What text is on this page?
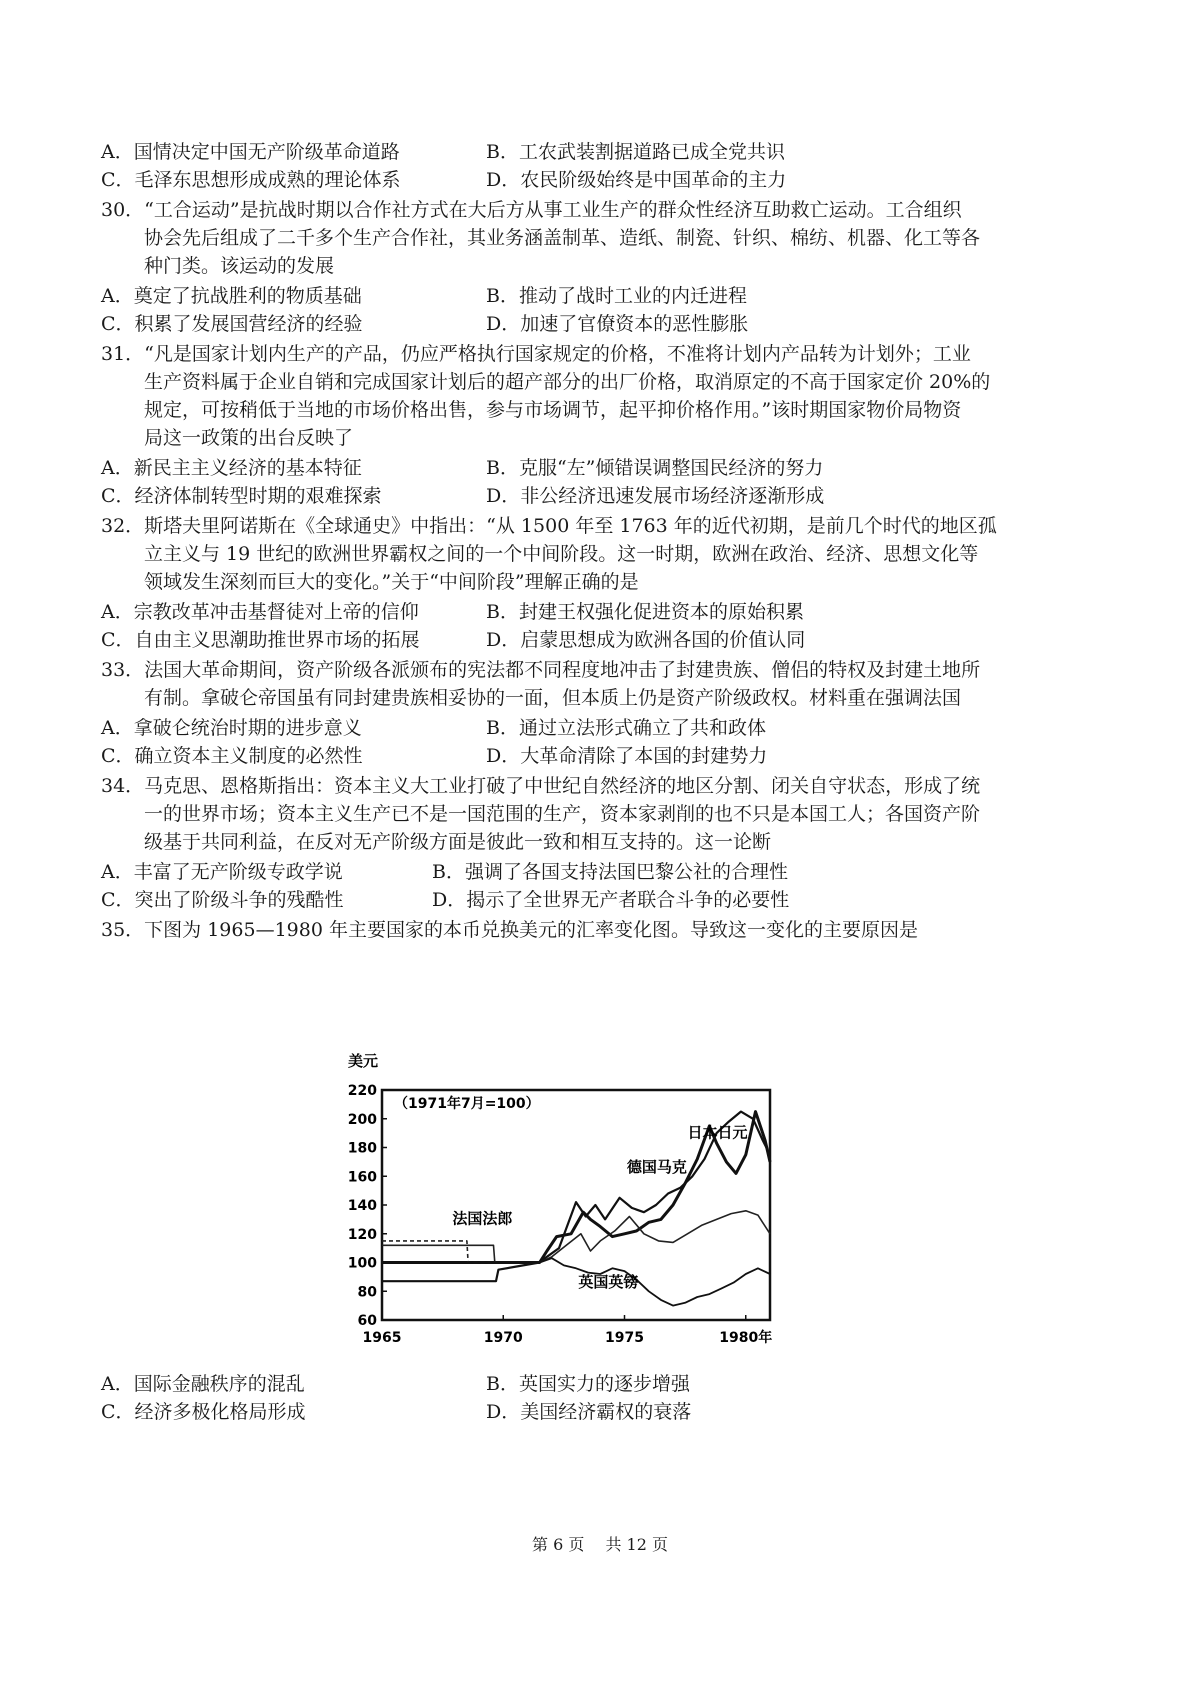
A．国情决定中国无产阶级革命道路	B．工农武装割据道路已成全党共识
C．毛泽东思想形成成熟的理论体系	D．农民阶级始终是中国革命的主力
30．“工合运动”是抗战时期以合作社方式在大后方从事工业生产的群众性经济互助救亡运动。工合组织
协会先后组成了二千多个生产合作社，其业务涵盖制革、造纸、制瓷、针织、棉纺、机器、化工等各
种门类。该运动的发展
A．奠定了抗战胜利的物质基础	B．推动了战时工业的内迁进程
C．积累了发展国营经济的经验	D．加速了官僚资本的恶性膨胀
31．“凡是国家计划内生产的产品，仍应严格执行国家规定的价格，不准将计划内产品转为计划外；工业
生产资料属于企业自销和完成国家计划后的超产部分的出厂价格，取消原定的不高于国家定价 20%的
规定，可按稍低于当地的市场价格出售，参与市场调节，起平抑价格作用。”该时期国家物价局物资
局这一政策的出台反映了
A．新民主主义经济的基本特征	B．克服“左”倾错误调整国民经济的努力
C．经济体制转型时期的艰难探索	D．非公经济迅速发展市场经济逐渐形成
32．斯塔夫里阿诺斯在《全球通史》中指出：“从 1500 年至 1763 年的近代初期，是前几个时代的地区孤
立主义与 19 世纪的欧洲世界霸权之间的一个中间阶段。这一时期，欧洲在政治、经济、思想文化等
领域发生深刻而巨大的变化。”关于“中间阶段”理解正确的是
A．宗教改革冲击基督徒对上帝的信仰	B．封建王权强化促进资本的原始积累
C．自由主义思潮助推世界市场的拓展	D．启蒙思想成为欧洲各国的价值认同
33．法国大革命期间，资产阶级各派颁布的宪法都不同程度地冲击了封建贵族、僧侣的特权及封建土地所
有制。拿破仑帝国虽有同封建贵族相妥协的一面，但本质上仍是资产阶级政权。材料重在强调法国
A．拿破仑统治时期的进步意义	B．通过立法形式确立了共和政体
C．确立资本主义制度的必然性	D．大革命清除了本国的封建势力
34．马克思、恩格斯指出：资本主义大工业打破了中世纪自然经济的地区分割、闭关自守状态，形成了统
一的世界市场；资本主义生产已不是一国范围的生产，资本家剥削的也不只是本国工人；各国资产阶
级基于共同利益，在反对无产阶级方面是彼此一致和相互支持的。这一论断
A．丰富了无产阶级专政学说	B．强调了各国支持法国巴黎公社的合理性
C．突出了阶级斗争的残酷性	D．揭示了全世界无产者联合斗争的必要性
35．下图为 1965—1980 年主要国家的本币兑换美元的汇率变化图。导致这一变化的主要原因是
美元
（1971年7月=100）
220
200
180
160
140
120
100
80
60
1965	1970	1975	1980年
日本日元
德国马克
法国法郎
英国英镑
A．国际金融秩序的混乱	B．英国实力的逐步增强
C．经济多极化格局形成	D．美国经济霸权的衰落
第 6 页 共 12 页
